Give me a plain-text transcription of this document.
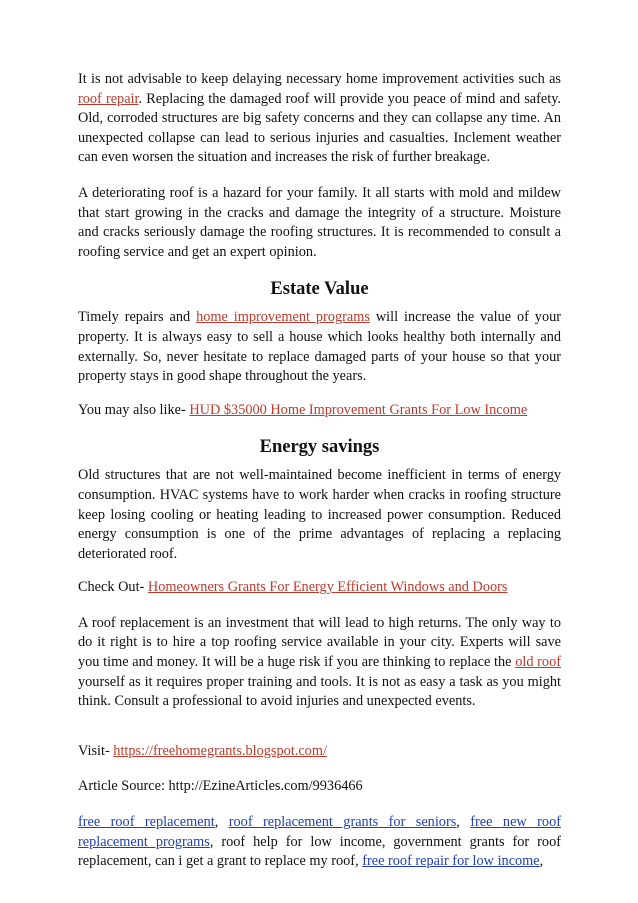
It is not advisable to keep delaying necessary home improvement activities such as roof repair. Replacing the damaged roof will provide you peace of mind and safety. Old, corroded structures are big safety concerns and they can collapse any time. An unexpected collapse can lead to serious injuries and casualties. Inclement weather can even worsen the situation and increases the risk of further breakage.

A deteriorating roof is a hazard for your family. It all starts with mold and mildew that start growing in the cracks and damage the integrity of a structure. Moisture and cracks seriously damage the roofing structures. It is recommended to consult a roofing service and get an expert opinion.

Estate Value

Timely repairs and home improvement programs will increase the value of your property. It is always easy to sell a house which looks healthy both internally and externally. So, never hesitate to replace damaged parts of your house so that your property stays in good shape throughout the years.

You may also like- HUD $35000 Home Improvement Grants For Low Income

Energy savings

Old structures that are not well-maintained become inefficient in terms of energy consumption. HVAC systems have to work harder when cracks in roofing structure keep losing cooling or heating leading to increased power consumption. Reduced energy consumption is one of the prime advantages of replacing a replacing deteriorated roof.

Check Out- Homeowners Grants For Energy Efficient Windows and Doors

A roof replacement is an investment that will lead to high returns. The only way to do it right is to hire a top roofing service available in your city. Experts will save you time and money. It will be a huge risk if you are thinking to replace the old roof yourself as it requires proper training and tools. It is not as easy a task as you might think. Consult a professional to avoid injuries and unexpected events.

Visit- https://freehomegrants.blogspot.com/

Article Source: http://EzineArticles.com/9936466

free roof replacement, roof replacement grants for seniors, free new roof replacement programs, roof help for low income, government grants for roof replacement, can i get a grant to replace my roof, free roof repair for low income,
